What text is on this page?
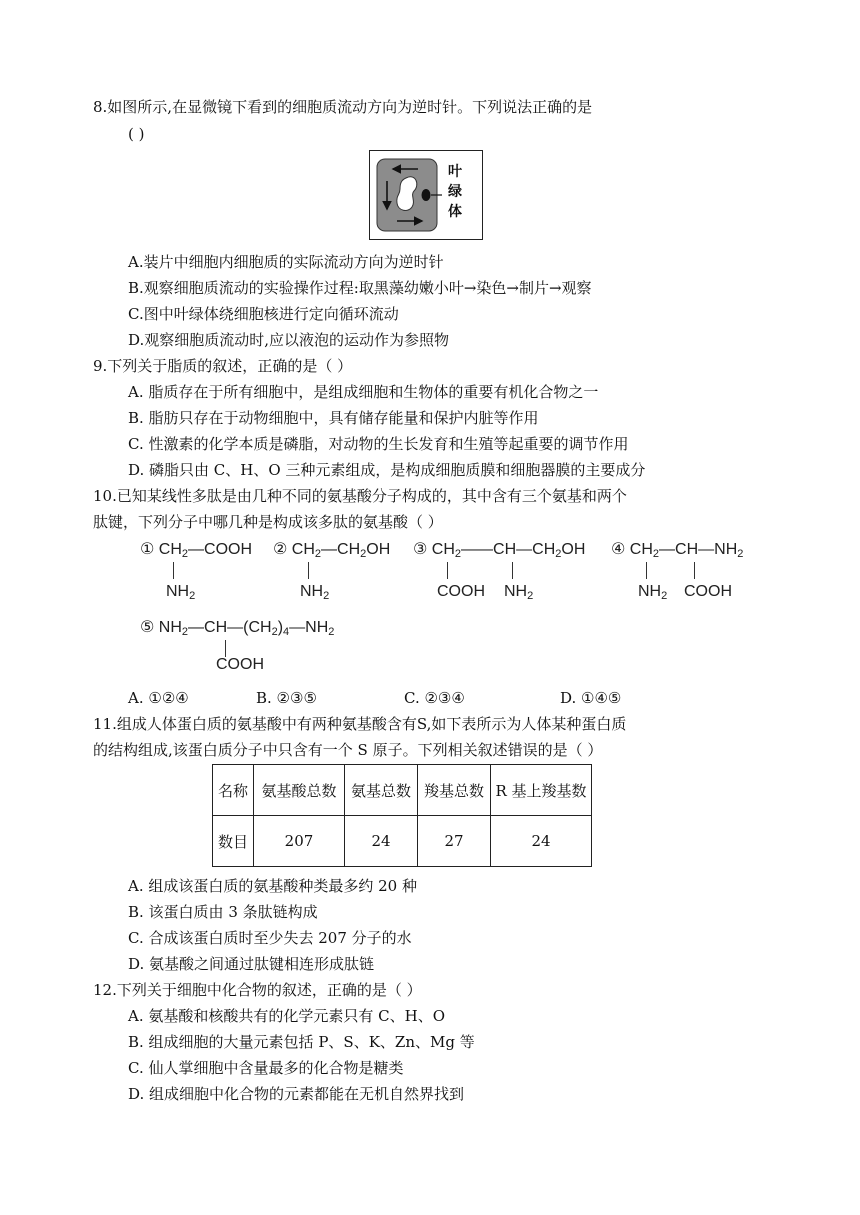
8.如图所示,在显微镜下看到的细胞质流动方向为逆时针。下列说法正确的是
( )
叶
绿
体
A.装片中细胞内细胞质的实际流动方向为逆时针
B.观察细胞质流动的实验操作过程:取黑藻幼嫩小叶→染色→制片→观察
C.图中叶绿体绕细胞核进行定向循环流动
D.观察细胞质流动时,应以液泡的运动作为参照物
9.下列关于脂质的叙述，正确的是（ ）
A. 脂质存在于所有细胞中，是组成细胞和生物体的重要有机化合物之一
B. 脂肪只存在于动物细胞中，具有储存能量和保护内脏等作用
C. 性激素的化学本质是磷脂，对动物的生长发育和生殖等起重要的调节作用
D. 磷脂只由 C、H、O 三种元素组成，是构成细胞质膜和细胞器膜的主要成分
10.已知某线性多肽是由几种不同的氨基酸分子构成的，其中含有三个氨基和两个
肽键，下列分子中哪几种是构成该多肽的氨基酸（ ）
① $CH_2—COOH$
$NH_2$
② $CH_2—CH_2OH$
$NH_2$
③ $CH_2——CH—CH_2OH$
COOH $NH_2$
④ $CH_2—CH—NH_2$
$NH_2$ COOH
⑤ $NH_2—CH—(CH_2)_4—NH_2$
COOH
A. ①②④	B. ②③⑤	C. ②③④	D. ①④⑤
11.组成人体蛋白质的氨基酸中有两种氨基酸含有S,如下表所示为人体某种蛋白质
的结构组成,该蛋白质分子中只含有一个 S 原子。下列相关叙述错误的是（ ）
名称	氨基酸总数	氨基总数	羧基总数	R 基上羧基数
数目	207	24	27	24
A. 组成该蛋白质的氨基酸种类最多约 20 种
B. 该蛋白质由 3 条肽链构成
C. 合成该蛋白质时至少失去 207 分子的水
D. 氨基酸之间通过肽键相连形成肽链
12.下列关于细胞中化合物的叙述，正确的是（ ）
A. 氨基酸和核酸共有的化学元素只有 C、H、O
B. 组成细胞的大量元素包括 P、S、K、Zn、Mg 等
C. 仙人掌细胞中含量最多的化合物是糖类
D. 组成细胞中化合物的元素都能在无机自然界找到
